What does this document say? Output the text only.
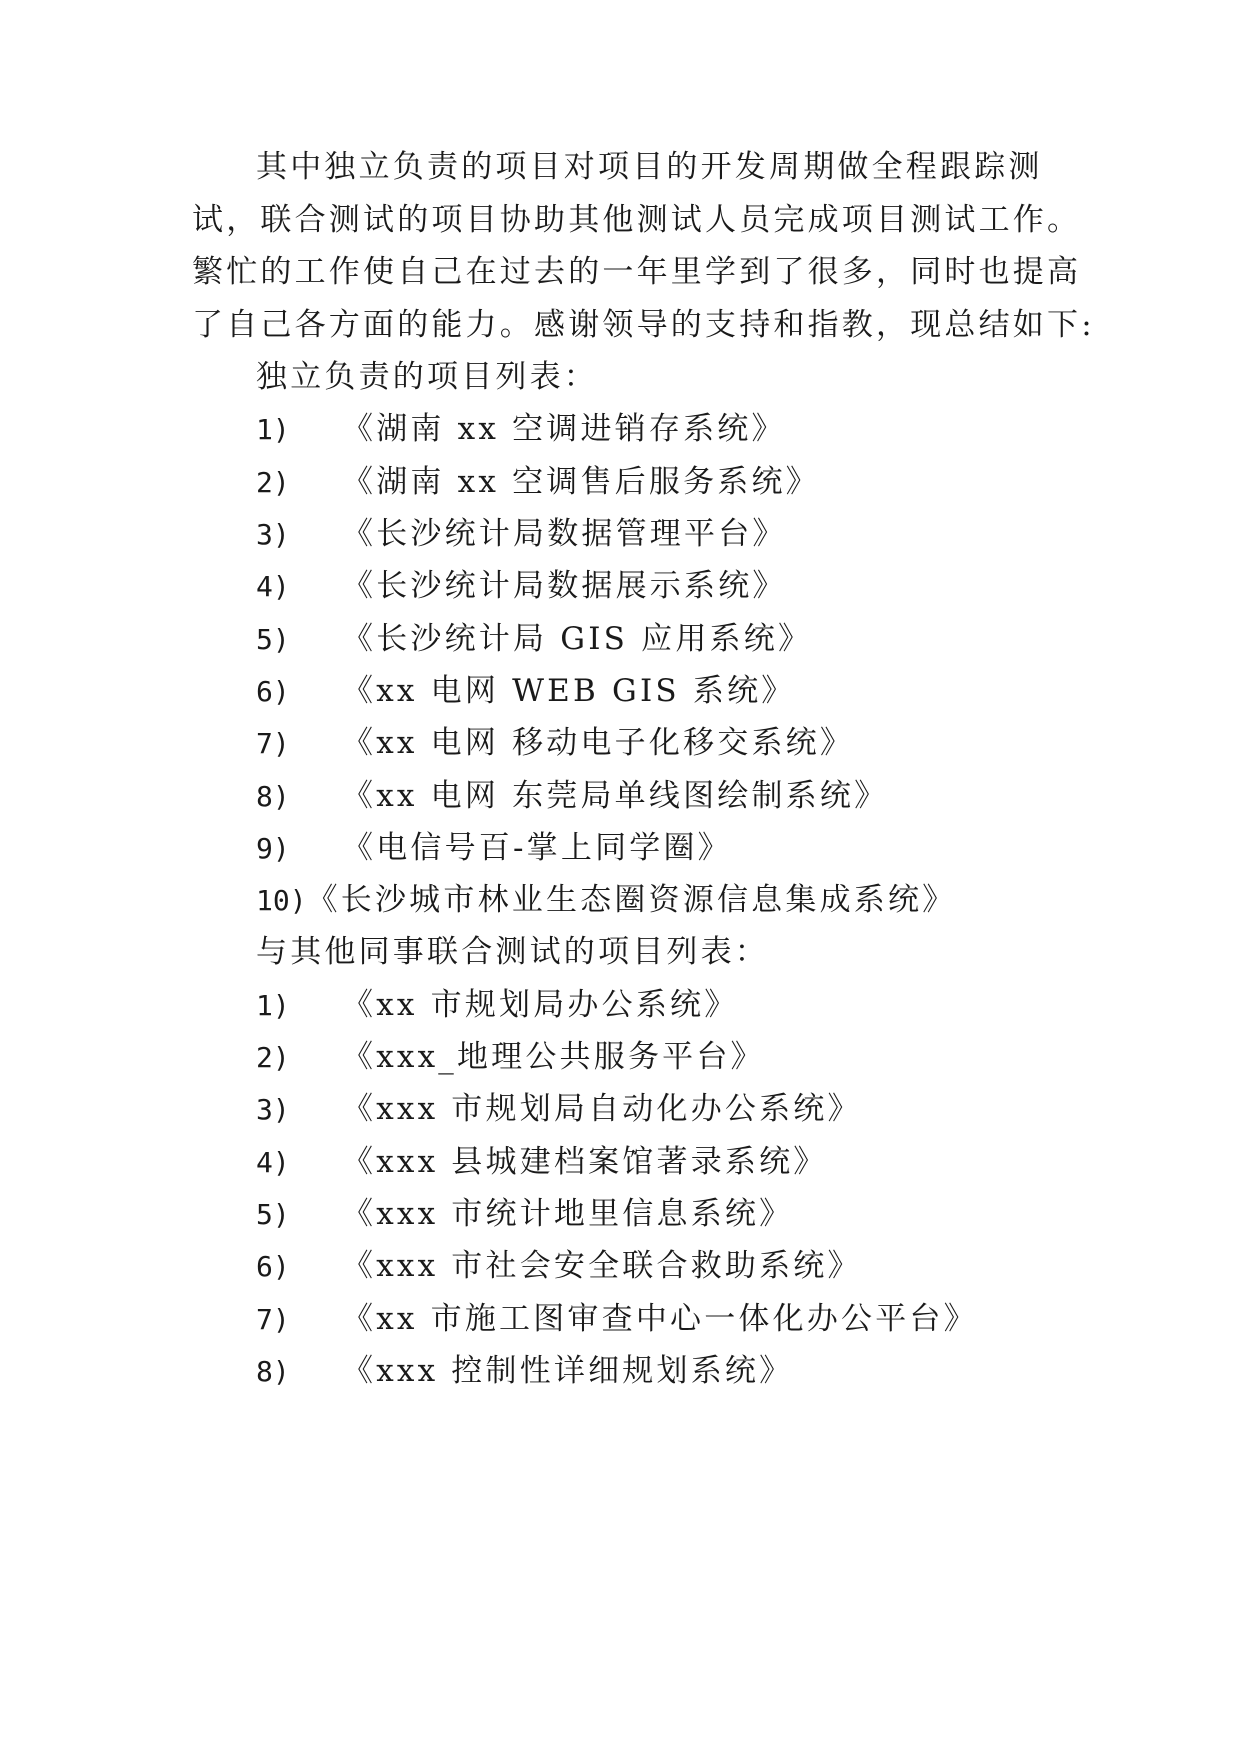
其中独立负责的项目对项目的开发周期做全程跟踪测
试，联合测试的项目协助其他测试人员完成项目测试工作。
繁忙的工作使自己在过去的一年里学到了很多，同时也提高
了自己各方面的能力。感谢领导的支持和指教，现总结如下:
独立负责的项目列表：
1) 《湖南 xx 空调进销存系统》
2) 《湖南 xx 空调售后服务系统》
3) 《长沙统计局数据管理平台》
4) 《长沙统计局数据展示系统》
5) 《长沙统计局 GIS 应用系统》
6) 《xx 电网 WEB GIS 系统》
7) 《xx 电网 移动电子化移交系统》
8) 《xx 电网 东莞局单线图绘制系统》
9) 《电信号百-掌上同学圈》
10)《长沙城市林业生态圈资源信息集成系统》
与其他同事联合测试的项目列表：
1) 《xx 市规划局办公系统》
2) 《xxx_地理公共服务平台》
3) 《xxx 市规划局自动化办公系统》
4) 《xxx 县城建档案馆著录系统》
5) 《xxx 市统计地里信息系统》
6) 《xxx 市社会安全联合救助系统》
7) 《xx 市施工图审查中心一体化办公平台》
8) 《xxx 控制性详细规划系统》
